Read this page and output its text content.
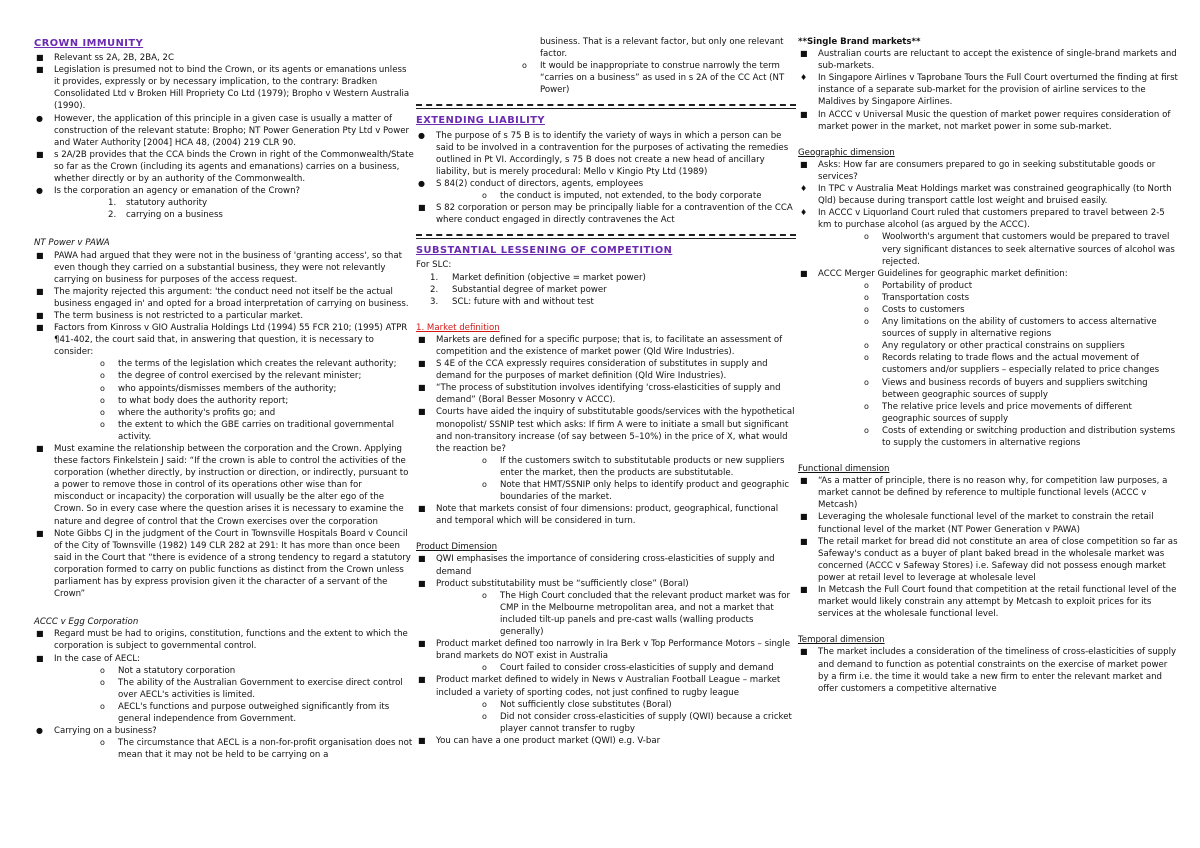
CROWN IMMUNITY
■ Relevant ss 2A, 2B, 2BA, 2C
■ Legislation is presumed not to bind the Crown, or its agents or emanations unless it provides, expressly or by necessary implication, to the contrary: Bradken Consolidated Ltd v Broken Hill Propriety Co Ltd (1979); Bropho v Western Australia (1990).
● However, the application of this principle in a given case is usually a matter of construction of the relevant statute: Bropho; NT Power Generation Pty Ltd v Power and Water Authority [2004] HCA 48, (2004) 219 CLR 90.
■ s 2A/2B provides that the CCA binds the Crown in right of the Commonwealth/State so far as the Crown (including its agents and emanations) carries on a business, whether directly or by an authority of the Commonwealth.
● Is the corporation an agency or emanation of the Crown?
1. statutory authority
2. carrying on a business
NT Power v PAWA
■ PAWA had argued that they were not in the business of 'granting access', so that even though they carried on a substantial business, they were not relevantly carrying on business for purposes of the access request.
■ The majority rejected this argument: 'the conduct need not itself be the actual business engaged in' and opted for a broad interpretation of carrying on business.
■ The term business is not restricted to a particular market.
■ Factors from Kinross v GIO Australia Holdings Ltd (1994) 55 FCR 210; (1995) ATPR ¶41-402, the court said that, in answering that question, it is necessary to consider:
o the terms of the legislation which creates the relevant authority;
o the degree of control exercised by the relevant minister;
o who appoints/dismisses members of the authority;
o to what body does the authority report;
o where the authority's profits go; and
o the extent to which the GBE carries on traditional governmental activity.
■ Must examine the relationship between the corporation and the Crown. Applying these factors Finkelstein J said: “If the crown is able to control the activities of the corporation (whether directly, by instruction or direction, or indirectly, pursuant to a power to remove those in control of its operations other wise than for misconduct or incapacity) the corporation will usually be the alter ego of the Crown. So in every case where the question arises it is necessary to examine the nature and degree of control that the Crown exercises over the corporation
■ Note Gibbs CJ in the judgment of the Court in Townsville Hospitals Board v Council of the City of Townsville (1982) 149 CLR 282 at 291: It has more than once been said in the Court that “there is evidence of a strong tendency to regard a statutory corporation formed to carry on public functions as distinct from the Crown unless parliament has by express provision given it the character of a servant of the Crown”
ACCC v Egg Corporation
■ Regard must be had to origins, constitution, functions and the extent to which the corporation is subject to governmental control.
■ In the case of AECL:
o Not a statutory corporation
o The ability of the Australian Government to exercise direct control over AECL's activities is limited.
o AECL's functions and purpose outweighed significantly from its general independence from Government.
● Carrying on a business?
o The circumstance that AECL is a non-for-profit organisation does not mean that it may not be held to be carrying on a
business. That is a relevant factor, but only one relevant factor.
o It would be inappropriate to construe narrowly the term “carries on a business” as used in s 2A of the CC Act (NT Power)
EXTENDING LIABILITY
● The purpose of s 75 B is to identify the variety of ways in which a person can be said to be involved in a contravention for the purposes of activating the remedies outlined in Pt VI. Accordingly, s 75 B does not create a new head of ancillary liability, but is merely procedural: Mello v Kingio Pty Ltd (1989)
● S 84(2) conduct of directors, agents, employees
o the conduct is imputed, not extended, to the body corporate
■ S 82 corporation or person may be principally liable for a contravention of the CCA where conduct engaged in directly contravenes the Act
SUBSTANTIAL LESSENING OF COMPETITION
For SLC:
1. Market definition (objective = market power)
2. Substantial degree of market power
3. SCL: future with and without test
1. Market definition
■ Markets are defined for a specific purpose; that is, to facilitate an assessment of competition and the existence of market power (Qld Wire Industries).
■ S 4E of the CCA expressly requires consideration of substitutes in supply and demand for the purposes of market definition (Qld Wire Industries).
■ “The process of substitution involves identifying 'cross-elasticities of supply and demand” (Boral Besser Mosonry v ACCC).
■ Courts have aided the inquiry of substitutable goods/services with the hypothetical monopolist/ SSNIP test which asks: If firm A were to initiate a small but significant and non-transitory increase (of say between 5–10%) in the price of X, what would the reaction be?
o If the customers switch to substitutable products or new suppliers enter the market, then the products are substitutable.
o Note that HMT/SSNIP only helps to identify product and geographic boundaries of the market.
■ Note that markets consist of four dimensions: product, geographical, functional and temporal which will be considered in turn.
Product Dimension
■ QWI emphasises the importance of considering cross-elasticities of supply and demand
■ Product substitutability must be “sufficiently close” (Boral)
o The High Court concluded that the relevant product market was for CMP in the Melbourne metropolitan area, and not a market that included tilt-up panels and pre-cast walls (walling products generally)
■ Product market defined too narrowly in Ira Berk v Top Performance Motors – single brand markets do NOT exist in Australia
o Court failed to consider cross-elasticities of supply and demand
■ Product market defined to widely in News v Australian Football League – market included a variety of sporting codes, not just confined to rugby league
o Not sufficiently close substitutes (Boral)
o Did not consider cross-elasticities of supply (QWI) because a cricket player cannot transfer to rugby
■ You can have a one product market (QWI) e.g. V-bar
**Single Brand markets**
■ Australian courts are reluctant to accept the existence of single-brand markets and sub-markets.
♦ In Singapore Airlines v Taprobane Tours the Full Court overturned the finding at first instance of a separate sub-market for the provision of airline services to the Maldives by Singapore Airlines.
■ In ACCC v Universal Music the question of market power requires consideration of market power in the market, not market power in some sub-market.
Geographic dimension
■ Asks: How far are consumers prepared to go in seeking substitutable goods or services?
♦ In TPC v Australia Meat Holdings market was constrained geographically (to North Qld) because during transport cattle lost weight and bruised easily.
♦ In ACCC v Liquorland Court ruled that customers prepared to travel between 2-5 km to purchase alcohol (as argued by the ACCC).
o Woolworth's argument that customers would be prepared to travel very significant distances to seek alternative sources of alcohol was rejected.
■ ACCC Merger Guidelines for geographic market definition:
o Portability of product
o Transportation costs
o Costs to customers
o Any limitations on the ability of customers to access alternative sources of supply in alternative regions
o Any regulatory or other practical constrains on suppliers
o Records relating to trade flows and the actual movement of customers and/or suppliers – especially related to price changes
o Views and business records of buyers and suppliers switching between geographic sources of supply
o The relative price levels and price movements of different geographic sources of supply
o Costs of extending or switching production and distribution systems to supply the customers in alternative regions
Functional dimension
■ “As a matter of principle, there is no reason why, for competition law purposes, a market cannot be defined by reference to multiple functional levels (ACCC v Metcash)
■ Leveraging the wholesale functional level of the market to constrain the retail functional level of the market (NT Power Generation v PAWA)
■ The retail market for bread did not constitute an area of close competition so far as Safeway's conduct as a buyer of plant baked bread in the wholesale market was concerned (ACCC v Safeway Stores) i.e. Safeway did not possess enough market power at retail level to leverage at wholesale level
■ In Metcash the Full Court found that competition at the retail functional level of the market would likely constrain any attempt by Metcash to exploit prices for its services at the wholesale functional level.
Temporal dimension
■ The market includes a consideration of the timeliness of cross-elasticities of supply and demand to function as potential constraints on the exercise of market power by a firm i.e. the time it would take a new firm to enter the relevant market and offer customers a competitive alternative
